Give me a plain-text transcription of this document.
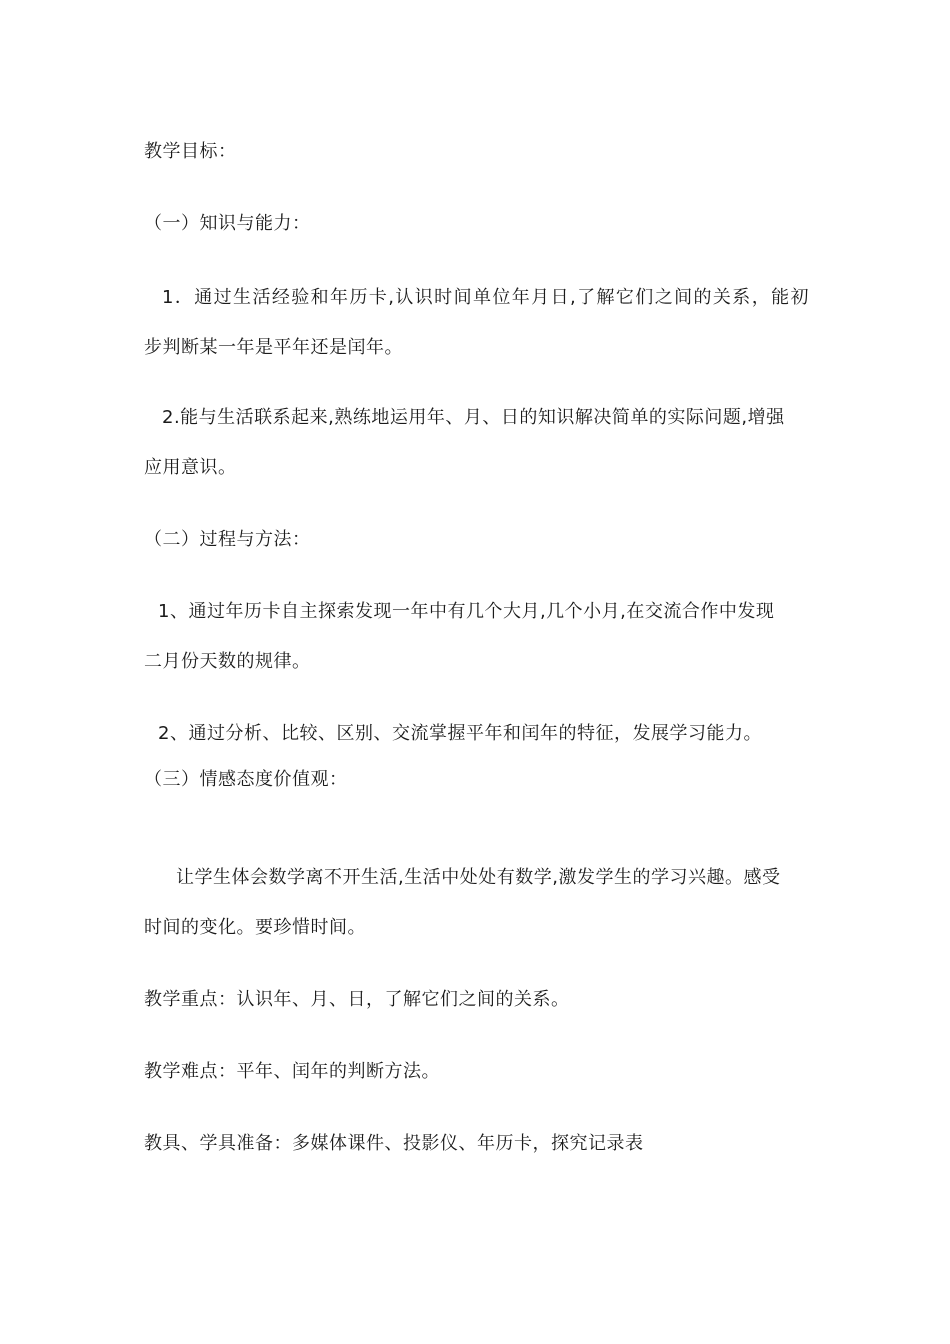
教学目标：
（一）知识与能力：
1．通过生活经验和年历卡,认识时间单位年月日,了解它们之间的关系，能初
步判断某一年是平年还是闰年。
2.能与生活联系起来,熟练地运用年、月、日的知识解决简单的实际问题,增强
应用意识。
（二）过程与方法：
1、通过年历卡自主探索发现一年中有几个大月,几个小月,在交流合作中发现
二月份天数的规律。
2、通过分析、比较、区别、交流掌握平年和闰年的特征，发展学习能力。
（三）情感态度价值观：
让学生体会数学离不开生活,生活中处处有数学,激发学生的学习兴趣。感受
时间的变化。要珍惜时间。
教学重点：认识年、月、日，了解它们之间的关系。
教学难点：平年、闰年的判断方法。
教具、学具准备：多媒体课件、投影仪、年历卡，探究记录表
